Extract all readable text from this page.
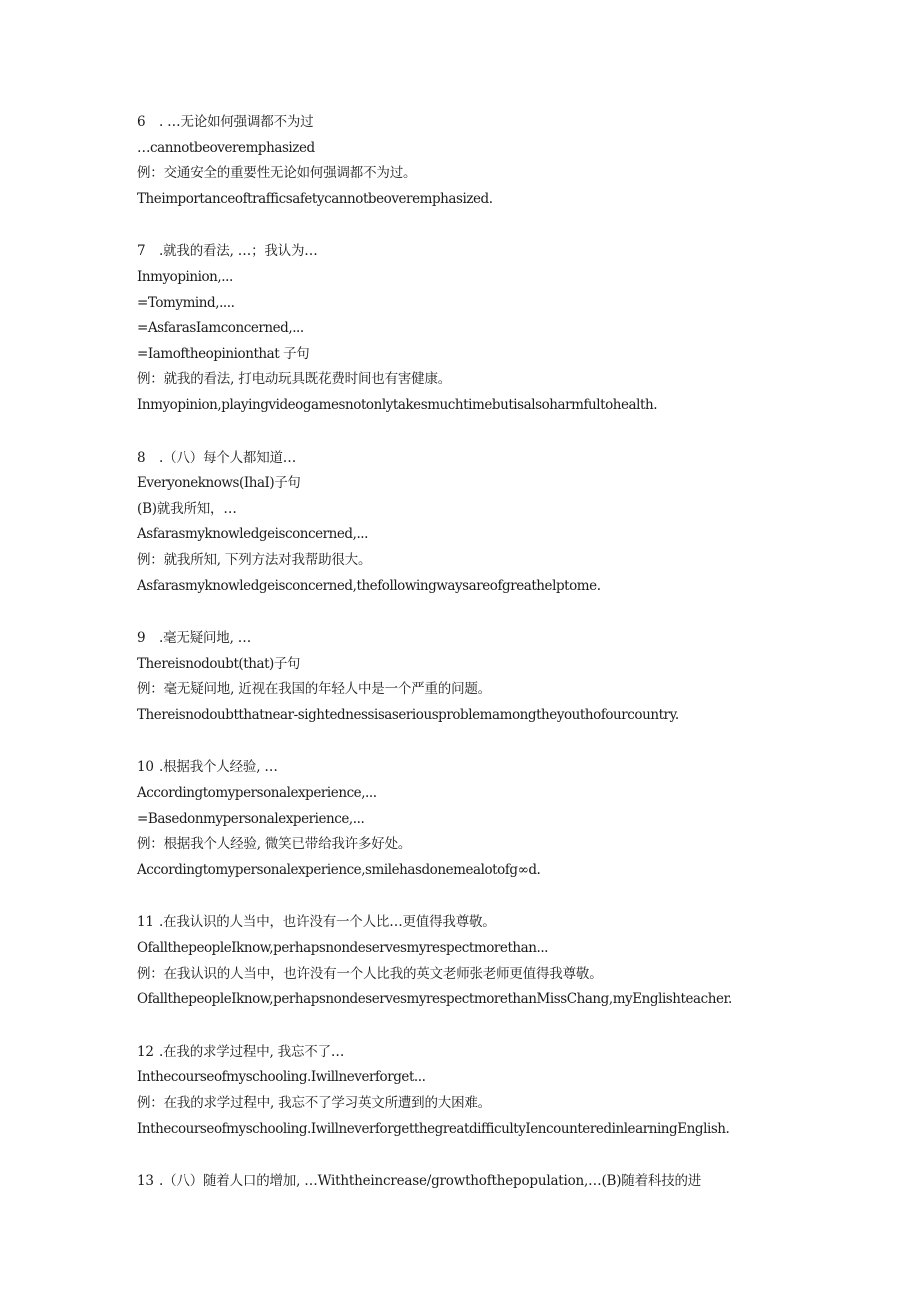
6 . …无论如何强调都不为过
…cannotbeoveremphasized
例：交通安全的重要性无论如何强调都不为过。
Theimportanceoftrafficsafetycannotbeoveremphasized.
7 .就我的看法, …；我认为…
Inmyopinion,...
=Tomymind,....
=AsfarasIamconcerned,...
=Iamoftheopinionthat 子句
例：就我的看法, 打电动玩具既花费时间也有害健康。
Inmyopinion,playingvideogamesnotonlytakesmuchtimebutisalsoharmfultohealth.
8 .（八）每个人都知道…
Everyoneknows(IhaI)子句
(B)就我所知，…
Asfarasmyknowledgeisconcerned,...
例：就我所知, 下列方法对我帮助很大。
Asfarasmyknowledgeisconcerned,thefollowingwaysareofgreathelptome.
9 .毫无疑问地, …
Thereisnodoubt(that)子句
例：毫无疑问地, 近视在我国的年轻人中是一个严重的问题。
Thereisnodoubtthatnear-sightednessisaseriousproblemamongtheyouthofourcountry.
10 .根据我个人经验, …
Accordingtomypersonalexperience,...
=Basedonmypersonalexperience,...
例：根据我个人经验, 微笑已带给我许多好处。
Accordingtomypersonalexperience,smilehasdonemealotofg∞d.
11 .在我认识的人当中，也许没有一个人比…更值得我尊敬。
OfallthepeopleIknow,perhapsnondeservesmyrespectmorethan...
例：在我认识的人当中，也许没有一个人比我的英文老师张老师更值得我尊敬。
OfallthepeopleIknow,perhapsnondeservesmyrespectmorethanMissChang,myEnglishteacher.
12 .在我的求学过程中, 我忘不了…
Inthecourseofmyschooling.Iwillneverforget...
例：在我的求学过程中, 我忘不了学习英文所遭到的大困难。
Inthecourseofmyschooling.IwillneverforgetthegreatdifficultyIencounteredinlearningEnglish.
13 .（八）随着人口的增加, …Withtheincrease/growthofthepopulation,…(B)随着科技的进
